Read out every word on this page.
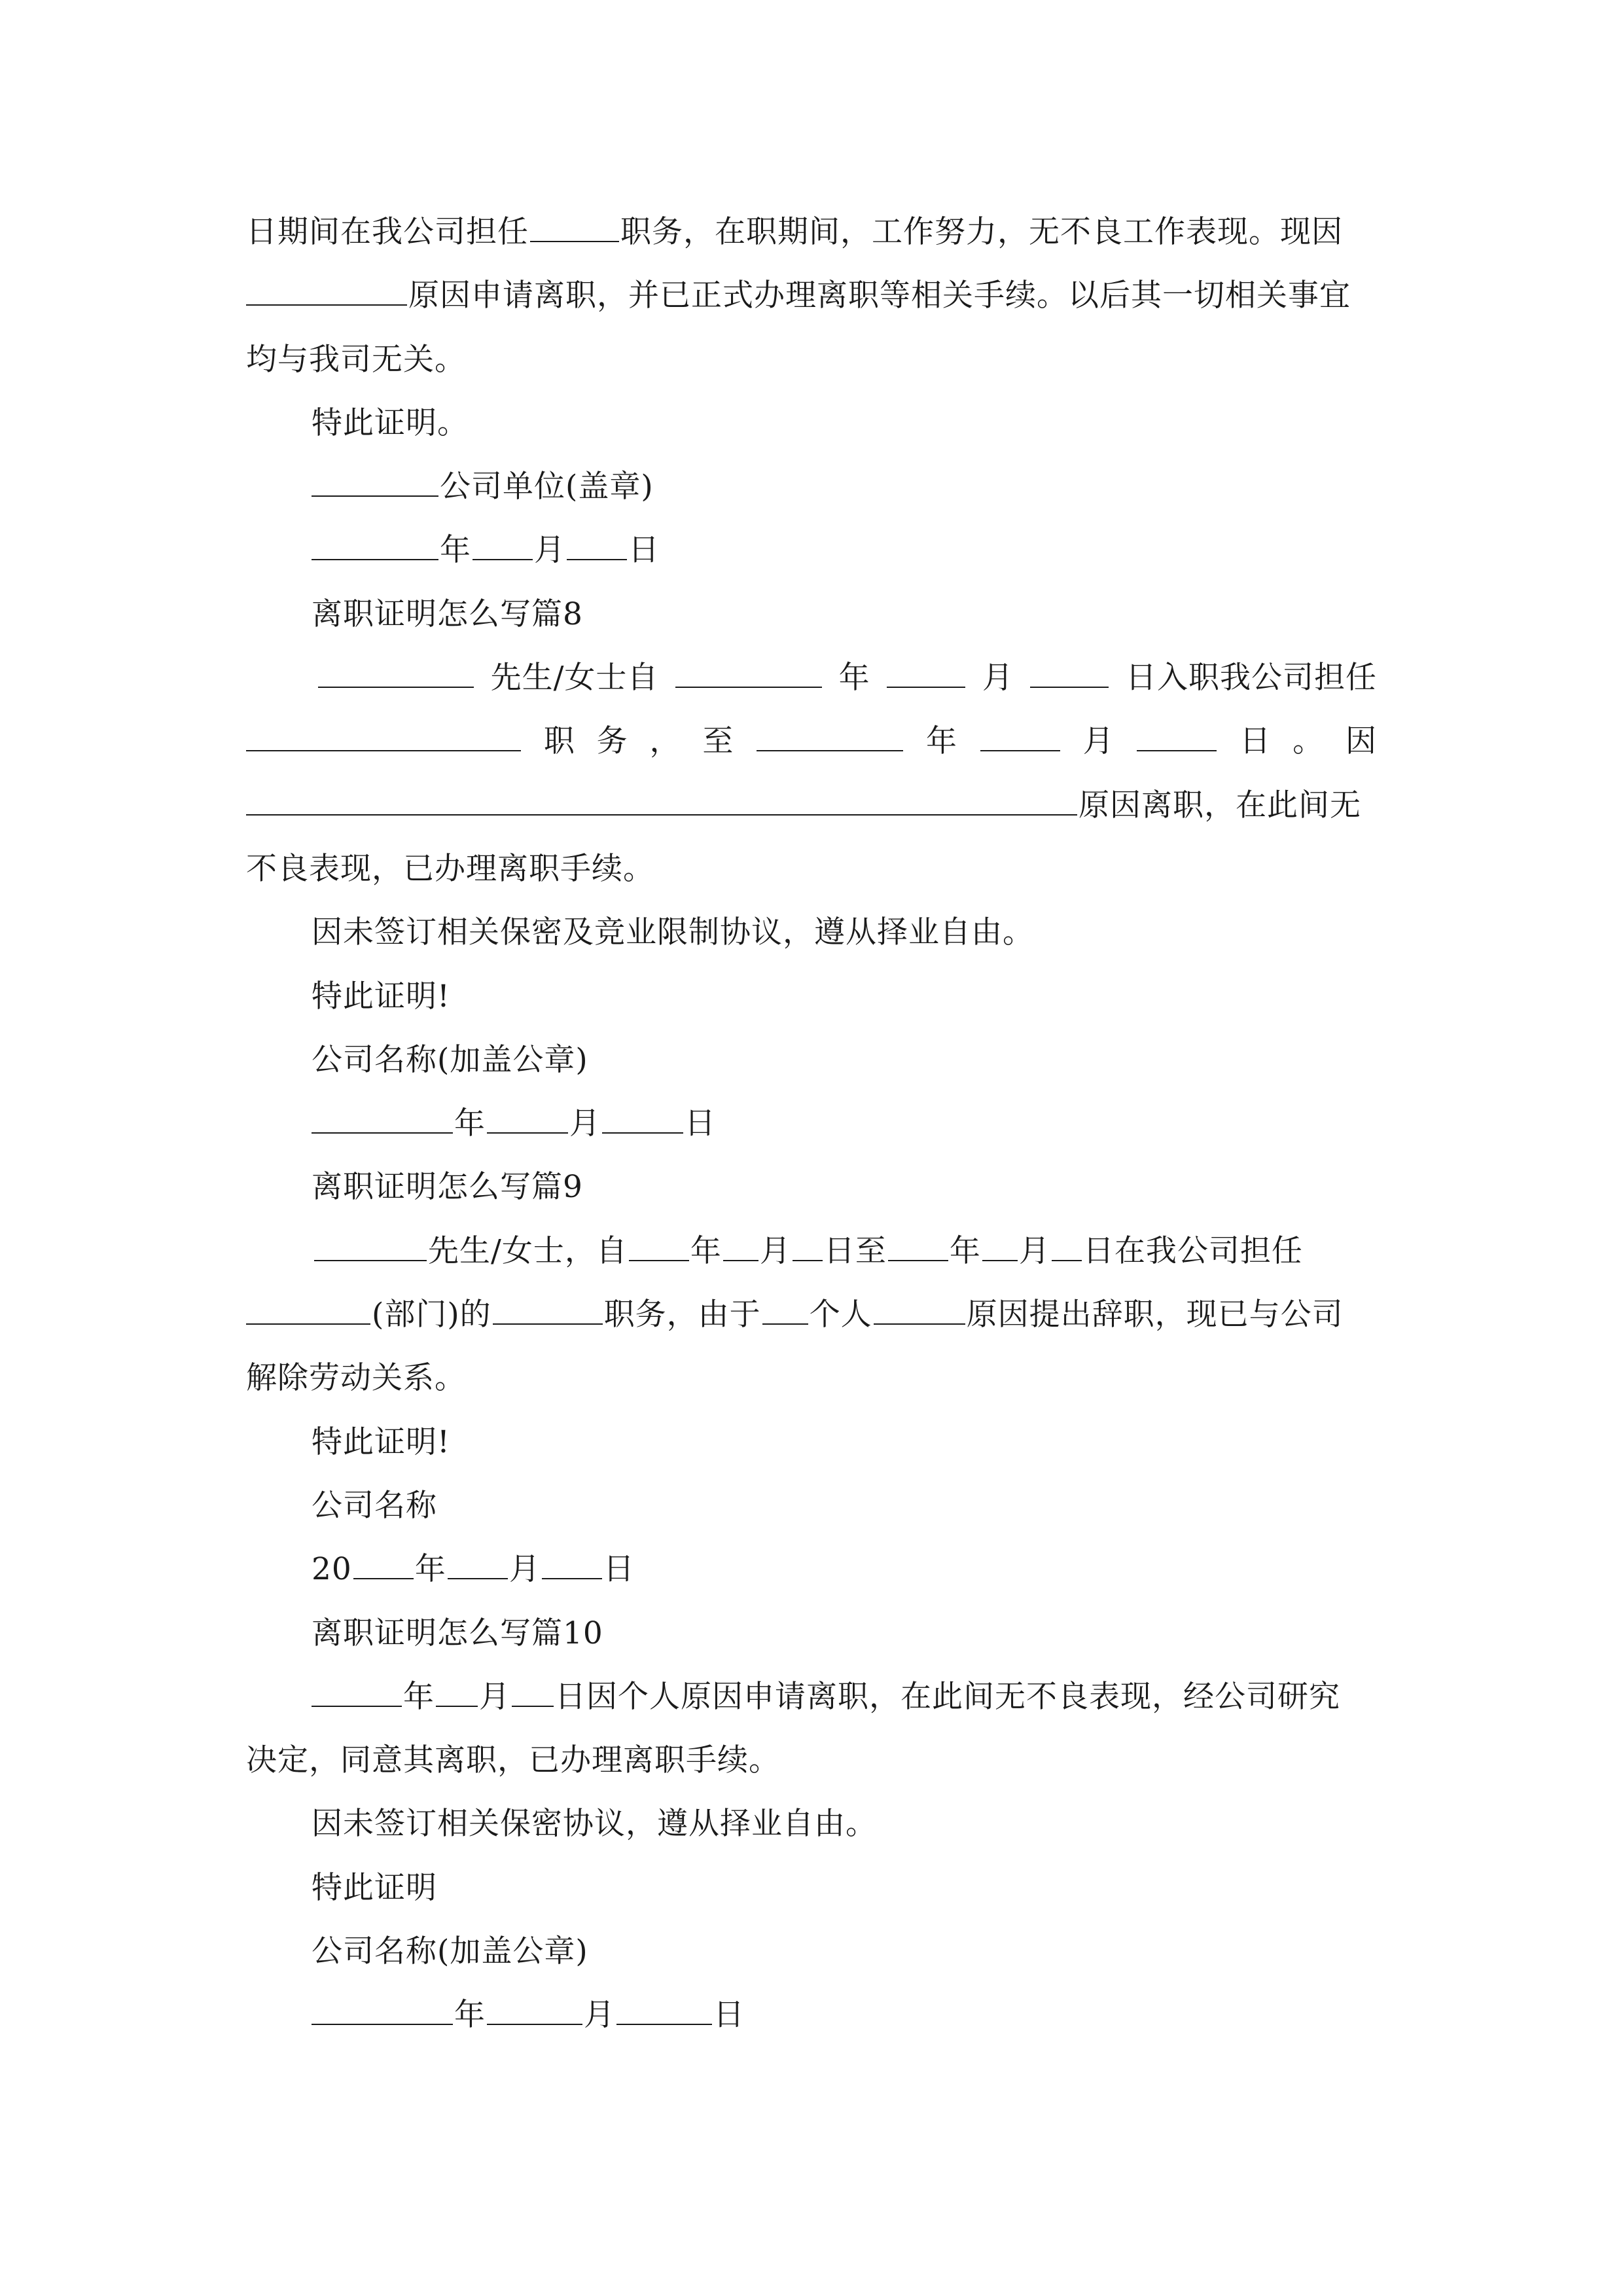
日期间在我公司担任	职务，在职期间，工作努力，无不良工作表现。现因
原因申请离职，并已正式办理离职等相关手续。以后其一切相关事宜
均与我司无关。
特此证明。
公司单位(盖章)
年 月 日
离职证明怎么写篇8
先生/女士自	年	月	日入职我公司担任
职 务 ， 至	年	月	日 。 因
原因离职，在此间无
不良表现，已办理离职手续。
因未签订相关保密及竞业限制协议，遵从择业自由。
特此证明!
公司名称(加盖公章)
年	月	日
离职证明怎么写篇9
先生/女士，自 年 月 日至 年 月 日在我公司担任
(部门)的	职务，由于 个人	原因提出辞职，现已与公司
解除劳动关系。
特此证明!
公司名称
20 年 月 日
离职证明怎么写篇10
年 月 日因个人原因申请离职，在此间无不良表现，经公司研究
决定，同意其离职，已办理离职手续。
因未签订相关保密协议，遵从择业自由。
特此证明
公司名称(加盖公章)
年	月	日
